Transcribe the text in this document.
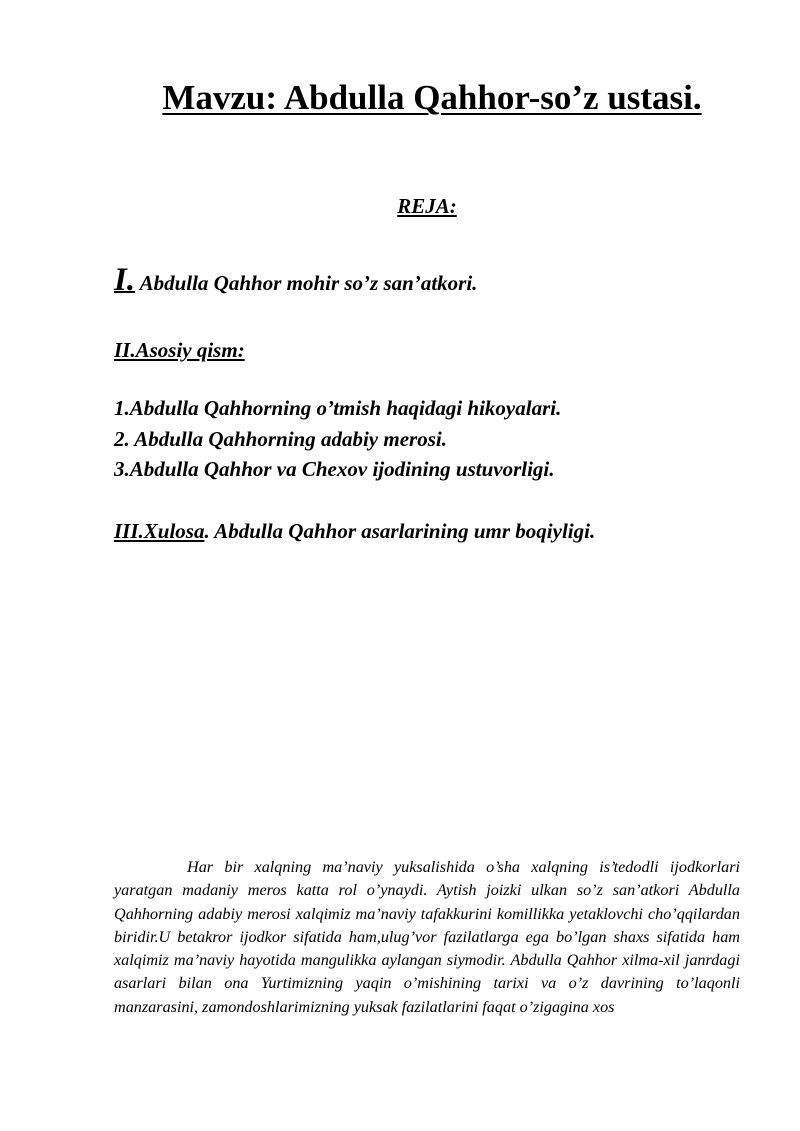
Mavzu: Abdulla Qahhor-so’z ustasi.
REJA:
I. Abdulla Qahhor mohir so’z san’atkori.
II.Asosiy qism:
1.Abdulla Qahhorning o’tmish haqidagi hikoyalari.
2. Abdulla Qahhorning adabiy merosi.
3.Abdulla Qahhor va Chexov ijodining ustuvorligi.
III.Xulosa. Abdulla Qahhor asarlarining umr boqiyligi.

Har bir xalqning ma’naviy yuksalishida o’sha xalqning is’tedodli ijodkorlari yaratgan madaniy meros katta rol o’ynaydi. Aytish joizki ulkan so’z san’atkori Abdulla Qahhorning adabiy merosi xalqimiz ma’naviy tafakkurini komillikka yetaklovchi cho’qqilardan biridir.U betakror ijodkor sifatida ham,ulug’vor fazilatlarga ega bo’lgan shaxs sifatida ham xalqimiz ma’naviy hayotida mangulikka aylangan siymodir. Abdulla Qahhor xilma-xil janrdagi asarlari bilan ona Yurtimizning yaqin o’mishining tarixi va o’z davrining to’laqonli manzarasini, zamondoshlarimizning yuksak fazilatlarini faqat o’zigagina xos
